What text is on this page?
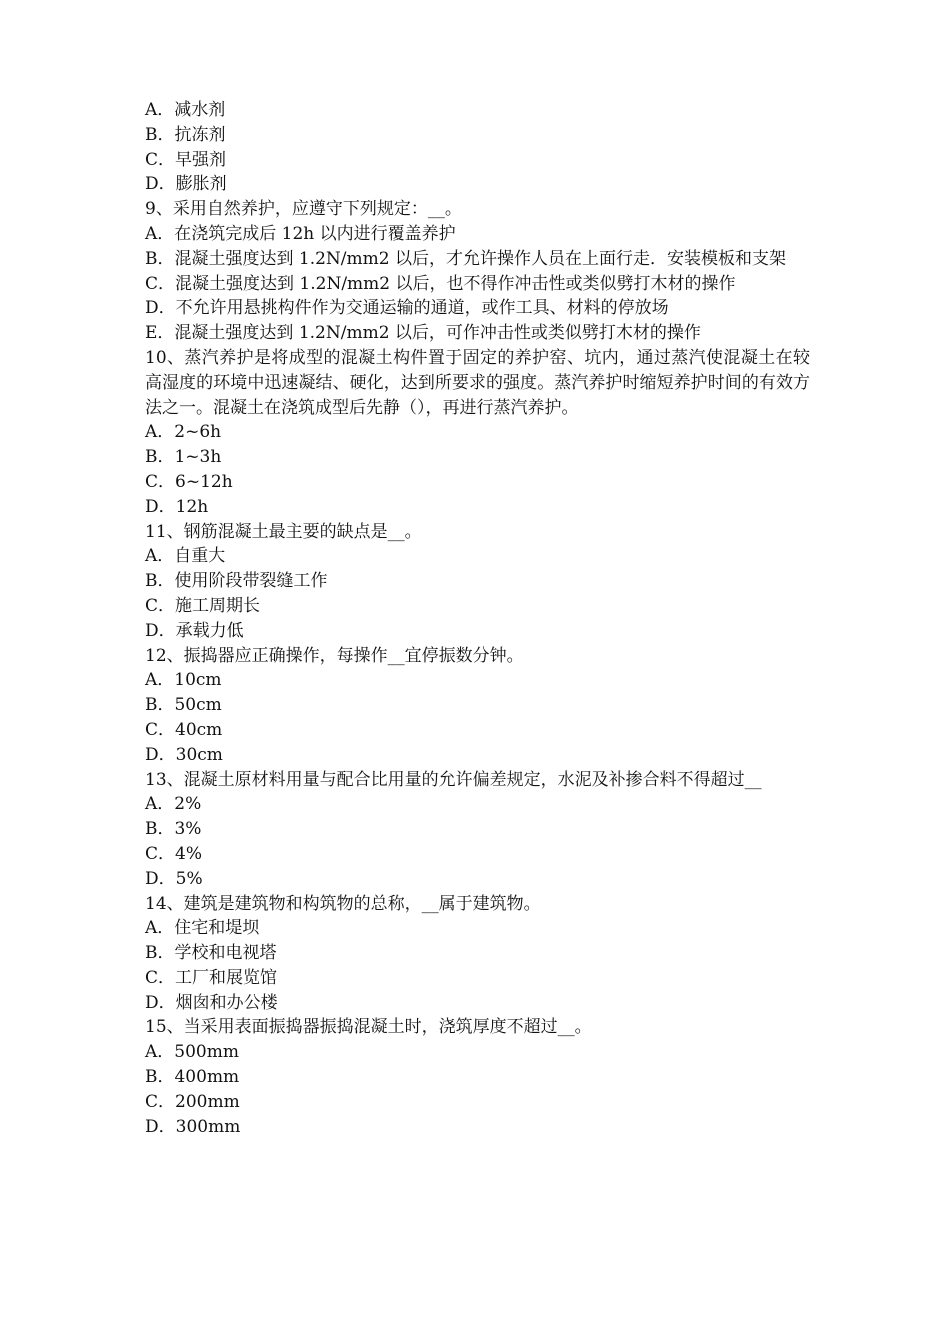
A．减水剂

B．抗冻剂

C．早强剂

D．膨胀剂

9、采用自然养护，应遵守下列规定：__。

A．在浇筑完成后 12h 以内进行覆盖养护

B．混凝土强度达到 1.2N/mm2 以后，才允许操作人员在上面行走．安装模板和支架

C．混凝土强度达到 1.2N/mm2 以后，也不得作冲击性或类似劈打木材的操作

D．不允许用悬挑构件作为交通运输的通道，或作工具、材料的停放场

E．混凝土强度达到 1.2N/mm2 以后，可作冲击性或类似劈打木材的操作

10、蒸汽养护是将成型的混凝土构件置于固定的养护窑、坑内，通过蒸汽使混凝土在较高湿度的环境中迅速凝结、硬化，达到所要求的强度。蒸汽养护时缩短养护时间的有效方法之一。混凝土在浇筑成型后先静（），再进行蒸汽养护。

A．2~6h

B．1~3h

C．6~12h

D．12h

11、钢筋混凝土最主要的缺点是__。

A．自重大

B．使用阶段带裂缝工作

C．施工周期长

D．承载力低

12、振捣器应正确操作，每操作__宜停振数分钟。

A．10cm

B．50cm

C．40cm

D．30cm

13、混凝土原材料用量与配合比用量的允许偏差规定，水泥及补掺合料不得超过__

A．2%

B．3%

C．4%

D．5%

14、建筑是建筑物和构筑物的总称，__属于建筑物。

A．住宅和堤坝

B．学校和电视塔

C．工厂和展览馆

D．烟囱和办公楼

15、当采用表面振捣器振捣混凝土时，浇筑厚度不超过__。

A．500mm

B．400mm

C．200mm

D．300mm
